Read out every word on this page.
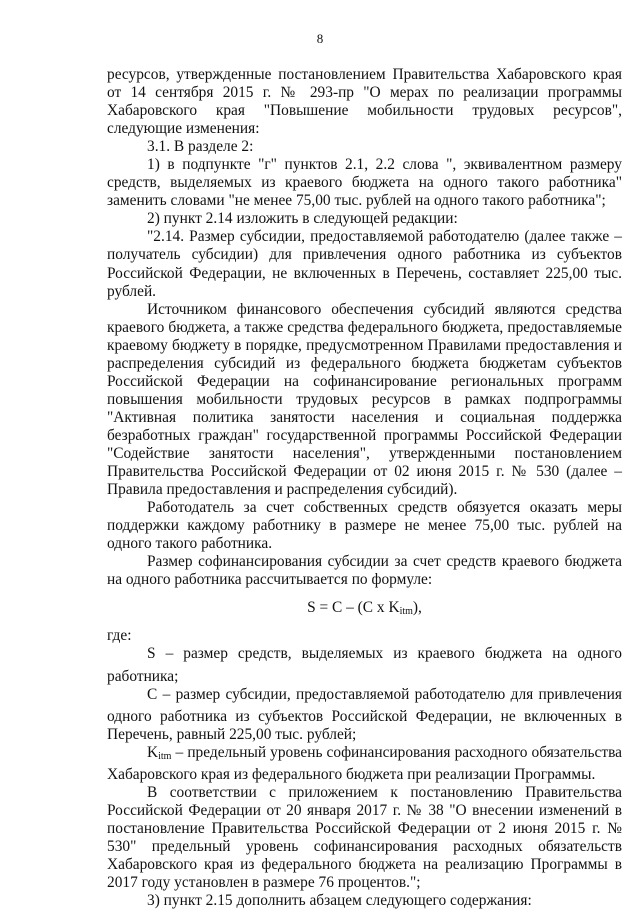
8

ресурсов, утвержденные постановлением Правительства Хабаровского края от 14 сентября 2015 г. № 293-пр "О мерах по реализации программы Хабаровского края "Повышение мобильности трудовых ресурсов", следующие изменения:

3.1. В разделе 2:

1) в подпункте "г" пунктов 2.1, 2.2 слова ", эквивалентном размеру средств, выделяемых из краевого бюджета на одного такого работника" заменить словами "не менее 75,00 тыс. рублей на одного такого работника";

2) пункт 2.14 изложить в следующей редакции:

"2.14. Размер субсидии, предоставляемой работодателю (далее также – получатель субсидии) для привлечения одного работника из субъектов Российской Федерации, не включенных в Перечень, составляет 225,00 тыс. рублей.

Источником финансового обеспечения субсидий являются средства краевого бюджета, а также средства федерального бюджета, предоставляемые краевому бюджету в порядке, предусмотренном Правилами предоставления и распределения субсидий из федерального бюджета бюджетам субъектов Российской Федерации на софинансирование региональных программ повышения мобильности трудовых ресурсов в рамках подпрограммы "Активная политика занятости населения и социальная поддержка безработных граждан" государственной программы Российской Федерации "Содействие занятости населения", утвержденными постановлением Правительства Российской Федерации от 02 июня 2015 г. № 530 (далее – Правила предоставления и распределения субсидий).

Работодатель за счет собственных средств обязуется оказать меры поддержки каждому работнику в размере не менее 75,00 тыс. рублей на одного такого работника.

Размер софинансирования субсидии за счет средств краевого бюджета на одного работника рассчитывается по формуле:

S = C – (C x $K_{itm}$),

где:

S – размер средств, выделяемых из краевого бюджета на одного работника;

С – размер субсидии, предоставляемой работодателю для привлечения одного работника из субъектов Российской Федерации, не включенных в Перечень, равный 225,00 тыс. рублей;

$K_{itm}$ – предельный уровень софинансирования расходного обязательства Хабаровского края из федерального бюджета при реализации Программы.

В соответствии с приложением к постановлению Правительства Российской Федерации от 20 января 2017 г. № 38 "О внесении изменений в постановление Правительства Российской Федерации от 2 июня 2015 г. № 530" предельный уровень софинансирования расходных обязательств Хабаровского края из федерального бюджета на реализацию Программы в 2017 году установлен в размере 76 процентов.";

3) пункт 2.15 дополнить абзацем следующего содержания:
